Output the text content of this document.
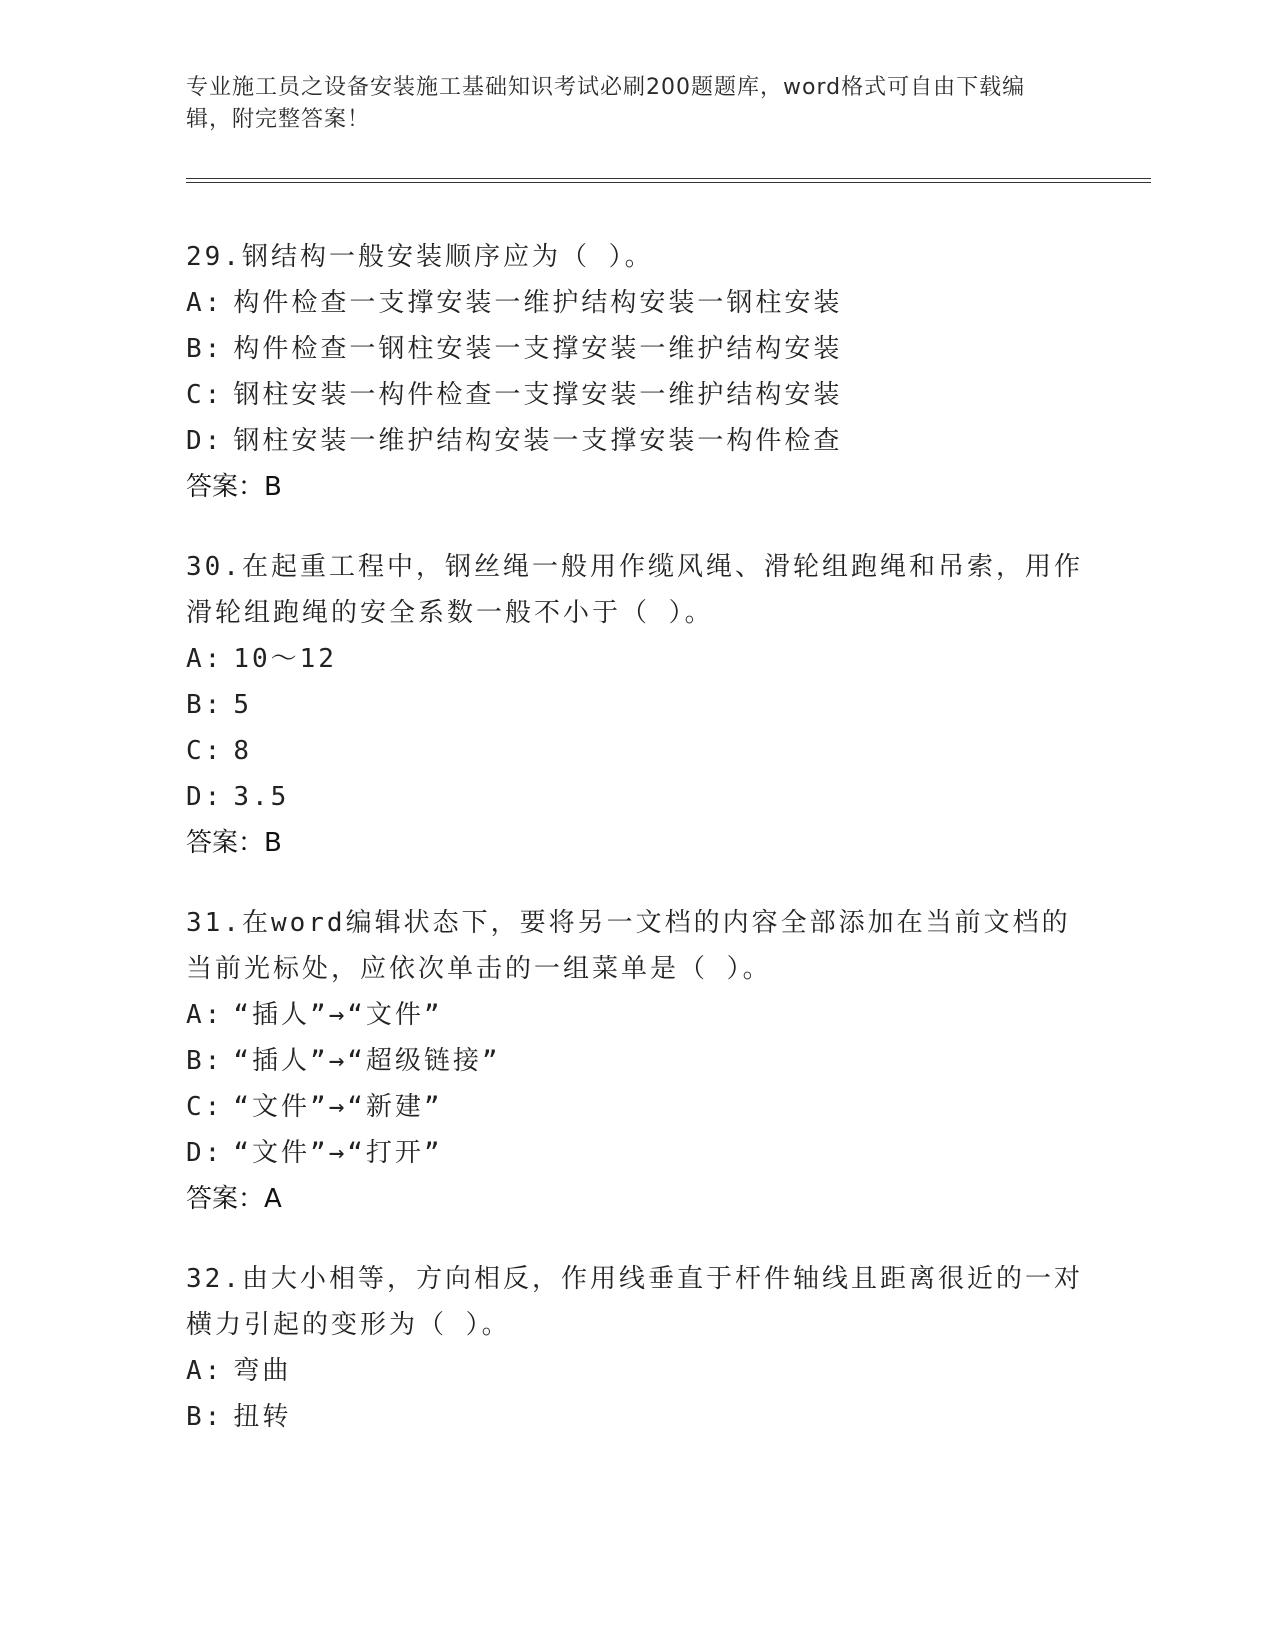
专业施工员之设备安装施工基础知识考试必刷200题题库，word格式可自由下载编辑，附完整答案！

29.钢结构一般安装顺序应为（ ）。

A: 构件检查一支撑安装一维护结构安装一钢柱安装

B: 构件检查一钢柱安装一支撑安装一维护结构安装

C: 钢柱安装一构件检查一支撑安装一维护结构安装

D: 钢柱安装一维护结构安装一支撑安装一构件检查

答案：B

30.在起重工程中，钢丝绳一般用作缆风绳、滑轮组跑绳和吊索，用作滑轮组跑绳的安全系数一般不小于（ ）。

A: 10～12

B: 5

C: 8

D: 3.5

答案：B

31.在word编辑状态下，要将另一文档的内容全部添加在当前文档的当前光标处，应依次单击的一组菜单是（ ）。

A: “插人”→“文件”

B: “插人”→“超级链接”

C: “文件”→“新建”

D: “文件”→“打开”

答案：A

32.由大小相等，方向相反，作用线垂直于杆件轴线且距离很近的一对横力引起的变形为（ ）。

A: 弯曲

B: 扭转
